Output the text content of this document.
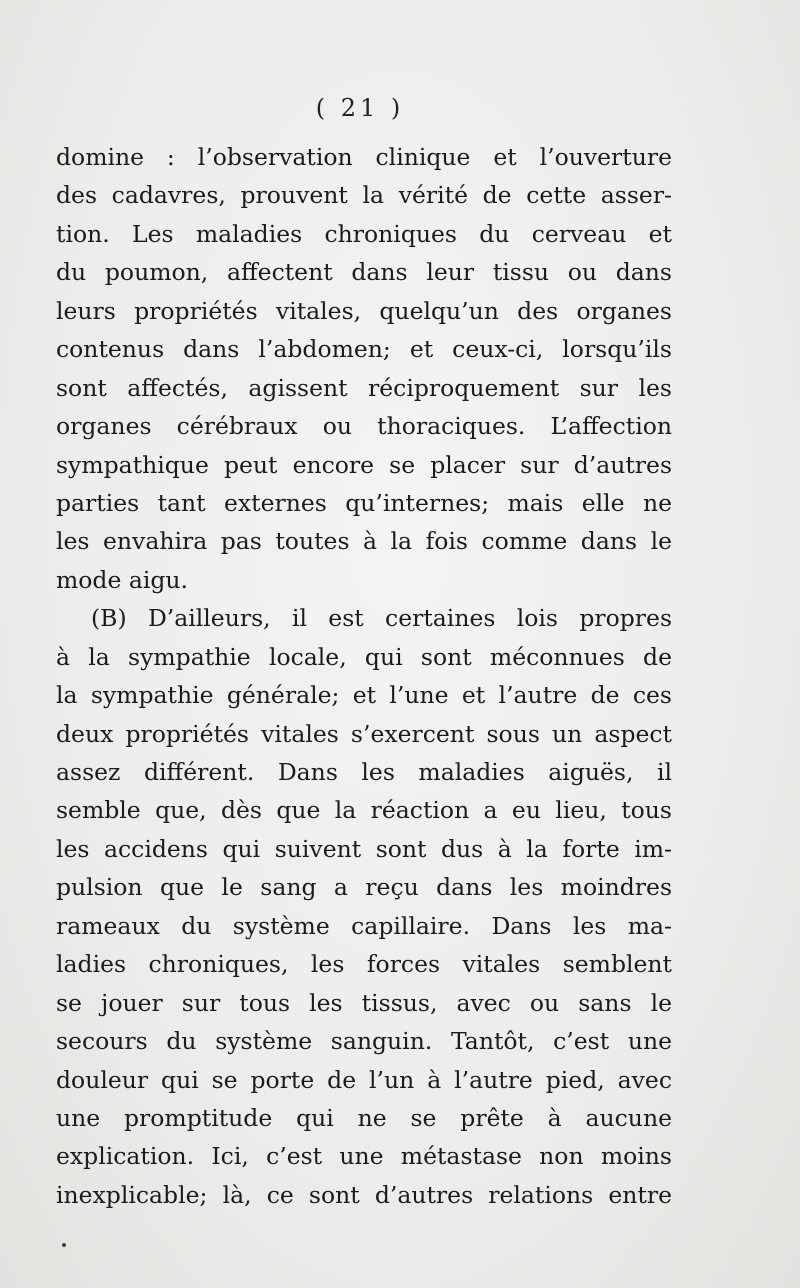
( 21 )
domine : l’observation clinique et l’ouverture
des cadavres, prouvent la vérité de cette asser-
tion. Les maladies chroniques du cerveau et
du poumon, affectent dans leur tissu ou dans
leurs propriétés vitales, quelqu’un des organes
contenus dans l’abdomen; et ceux-ci, lorsqu’ils
sont affectés, agissent réciproquement sur les
organes cérébraux ou thoraciques. L’affection
sympathique peut encore se placer sur d’autres
parties tant externes qu’internes; mais elle ne
les envahira pas toutes à la fois comme dans le
mode aigu.
(B) D’ailleurs, il est certaines lois propres
à la sympathie locale, qui sont méconnues de
la sympathie générale; et l’une et l’autre de ces
deux propriétés vitales s’exercent sous un aspect
assez différent. Dans les maladies aiguës, il
semble que, dès que la réaction a eu lieu, tous
les accidens qui suivent sont dus à la forte im-
pulsion que le sang a reçu dans les moindres
rameaux du système capillaire. Dans les ma-
ladies chroniques, les forces vitales semblent
se jouer sur tous les tissus, avec ou sans le
secours du système sanguin. Tantôt, c’est une
douleur qui se porte de l’un à l’autre pied, avec
une promptitude qui ne se prête à aucune
explication. Ici, c’est une métastase non moins
inexplicable; là, ce sont d’autres relations entre
